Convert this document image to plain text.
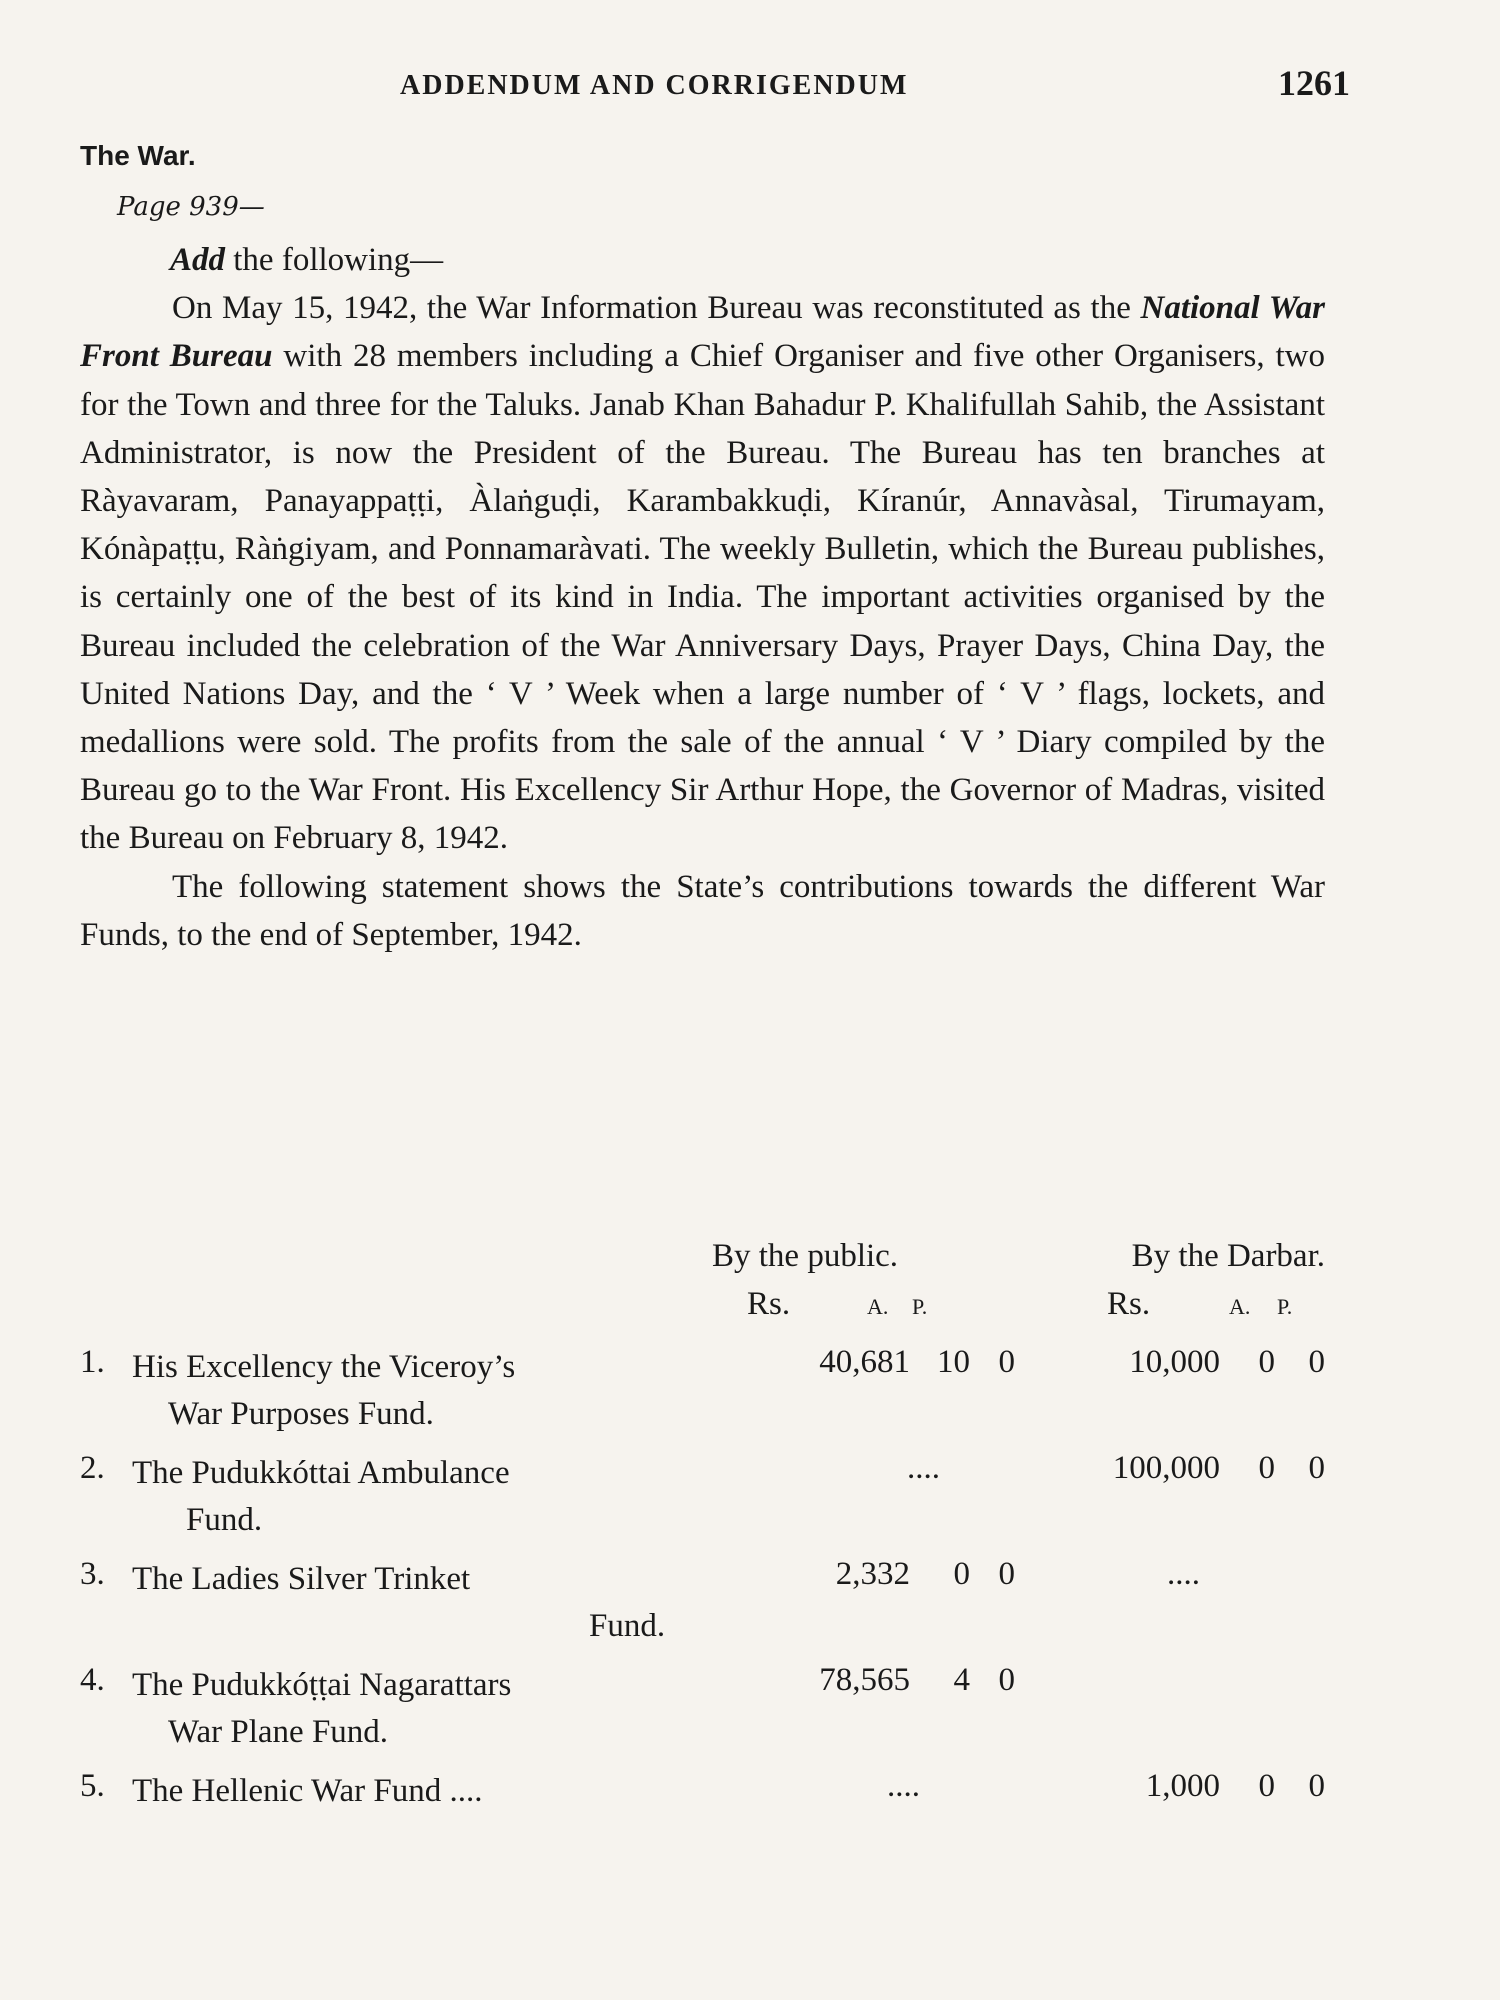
ADDENDUM AND CORRIGENDUM	1261
The War.
Page 939—

Add the following—

On May 15, 1942, the War Information Bureau was reconstituted as the National War Front Bureau with 28 members including a Chief Organiser and five other Organisers, two for the Town and three for the Taluks. Janab Khan Bahadur P. Khalifullah Sahib, the Assistant Administrator, is now the President of the Bureau. The Bureau has ten branches at Ràyavaram, Panayappaṭṭi, Àlaṅguḍi, Karambakkuḍi, Kíranúr, Annavàsal, Tirumayam, Kónàpaṭṭu, Ràṅgiyam, and Ponnamaràvati. The weekly Bulletin, which the Bureau publishes, is certainly one of the best of its kind in India. The important activities organised by the Bureau included the celebration of the War Anniversary Days, Prayer Days, China Day, the United Nations Day, and the ‘ V ’ Week when a large number of ‘ V ’ flags, lockets, and medallions were sold. The profits from the sale of the annual ‘ V ’ Diary compiled by the Bureau go to the War Front. His Excellency Sir Arthur Hope, the Governor of Madras, visited the Bureau on February 8, 1942.

The following statement shows the State’s contributions towards the different War Funds, to the end of September, 1942.

By the public.	By the Darbar.
Rs.	A. P.	Rs.	A. P.
1. His Excellency the Viceroy’s
War Purposes Fund.
40,681 10 0	10,000 0 0
2. The Pudukkóttai Ambulance
Fund.
....	100,000 0 0
3. The Ladies Silver Trinket
Fund.
2,332 0 0	....
4. The Pudukkóṭṭai Nagarattars
War Plane Fund.
78,565 4 0
5. The Hellenic War Fund ....	....	1,000 0 0
